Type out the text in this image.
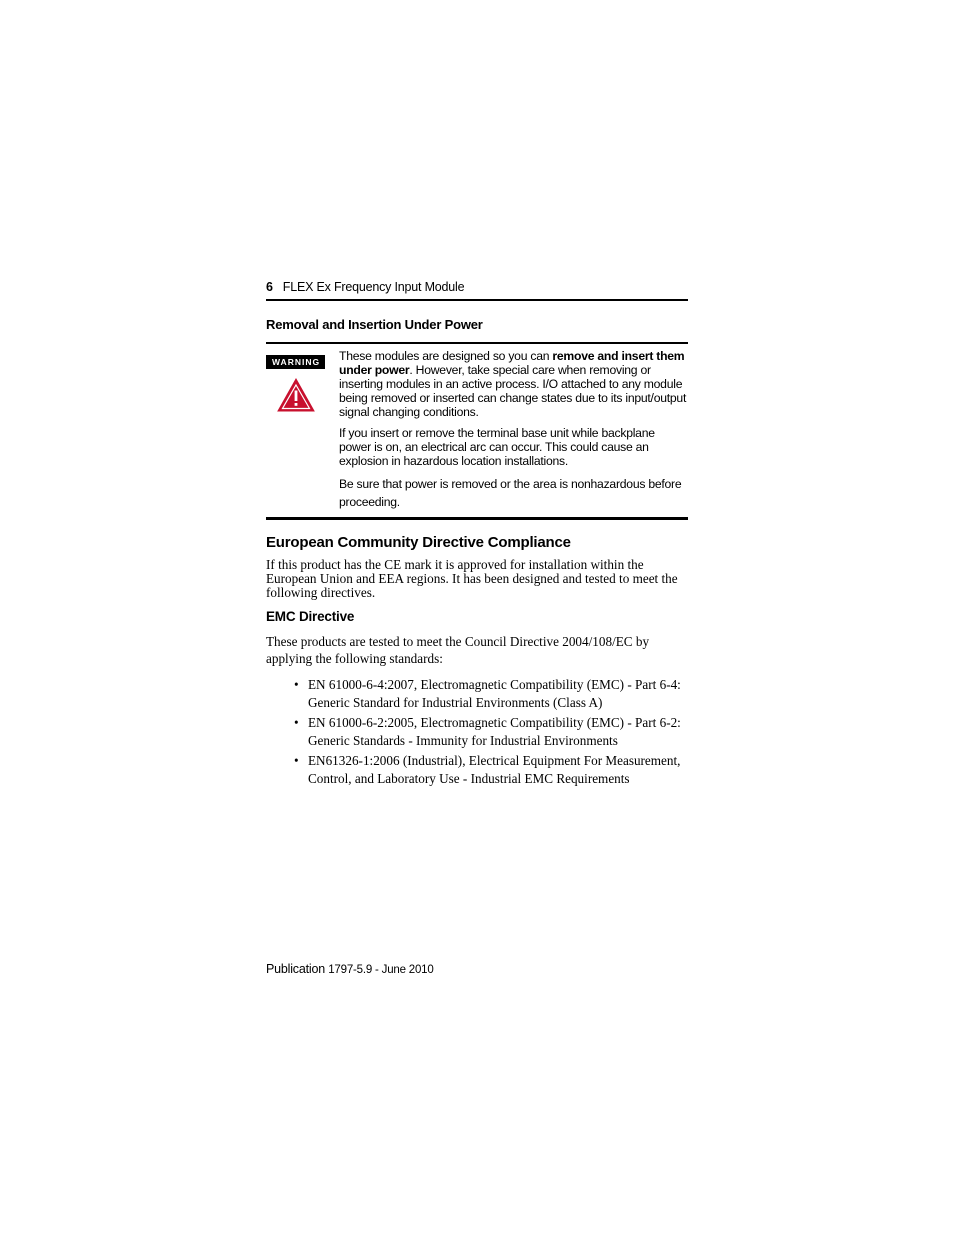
6 FLEX Ex Frequency Input Module
Removal and Insertion Under Power
WARNING	These modules are designed so you can remove and insert them under power. However, take special care when removing or inserting modules in an active process. I/O attached to any module being removed or inserted can change states due to its input/output signal changing conditions.

If you insert or remove the terminal base unit while backplane power is on, an electrical arc can occur. This could cause an explosion in hazardous location installations.

Be sure that power is removed or the area is nonhazardous before proceeding.

European Community Directive Compliance
If this product has the CE mark it is approved for installation within the European Union and EEA regions. It has been designed and tested to meet the following directives.
EMC Directive
These products are tested to meet the Council Directive 2004/108/EC by applying the following standards:
• EN 61000-6-4:2007, Electromagnetic Compatibility (EMC) - Part 6-4: Generic Standard for Industrial Environments (Class A)
• EN 61000-6-2:2005, Electromagnetic Compatibility (EMC) - Part 6-2: Generic Standards - Immunity for Industrial Environments
• EN61326-1:2006 (Industrial), Electrical Equipment For Measurement, Control, and Laboratory Use - Industrial EMC Requirements
Publication 1797-5.9 - June 2010
